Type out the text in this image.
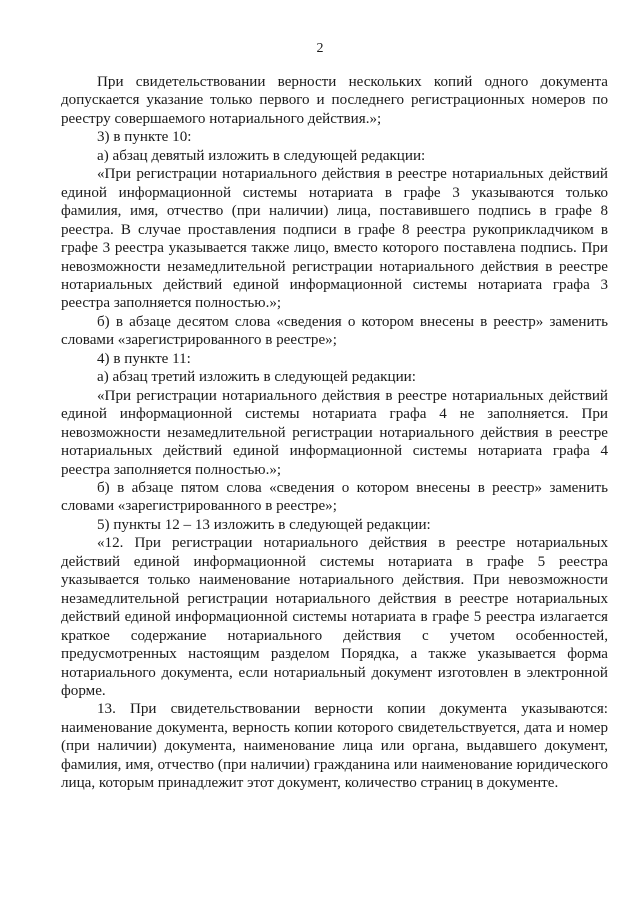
2

При свидетельствовании верности нескольких копий одного документа допускается указание только первого и последнего регистрационных номеров по реестру совершаемого нотариального действия.»;

3) в пункте 10:

а) абзац девятый изложить в следующей редакции:

«При регистрации нотариального действия в реестре нотариальных действий единой информационной системы нотариата в графе 3 указываются только фамилия, имя, отчество (при наличии) лица, поставившего подпись в графе 8 реестра. В случае проставления подписи в графе 8 реестра рукоприкладчиком в графе 3 реестра указывается также лицо, вместо которого поставлена подпись. При невозможности незамедлительной регистрации нотариального действия в реестре нотариальных действий единой информационной системы нотариата графа 3 реестра заполняется полностью.»;

б) в абзаце десятом слова «сведения о котором внесены в реестр» заменить словами «зарегистрированного в реестре»;

4) в пункте 11:

а) абзац третий изложить в следующей редакции:

«При регистрации нотариального действия в реестре нотариальных действий единой информационной системы нотариата графа 4 не заполняется. При невозможности незамедлительной регистрации нотариального действия в реестре нотариальных действий единой информационной системы нотариата графа 4 реестра заполняется полностью.»;

б) в абзаце пятом слова «сведения о котором внесены в реестр» заменить словами «зарегистрированного в реестре»;

5) пункты 12 – 13 изложить в следующей редакции:

«12. При регистрации нотариального действия в реестре нотариальных действий единой информационной системы нотариата в графе 5 реестра указывается только наименование нотариального действия. При невозможности незамедлительной регистрации нотариального действия в реестре нотариальных действий единой информационной системы нотариата в графе 5 реестра излагается краткое содержание нотариального действия с учетом особенностей, предусмотренных настоящим разделом Порядка, а также указывается форма нотариального документа, если нотариальный документ изготовлен в электронной форме.

13. При свидетельствовании верности копии документа указываются: наименование документа, верность копии которого свидетельствуется, дата и номер (при наличии) документа, наименование лица или органа, выдавшего документ, фамилия, имя, отчество (при наличии) гражданина или наименование юридического лица, которым принадлежит этот документ, количество страниц в документе.
